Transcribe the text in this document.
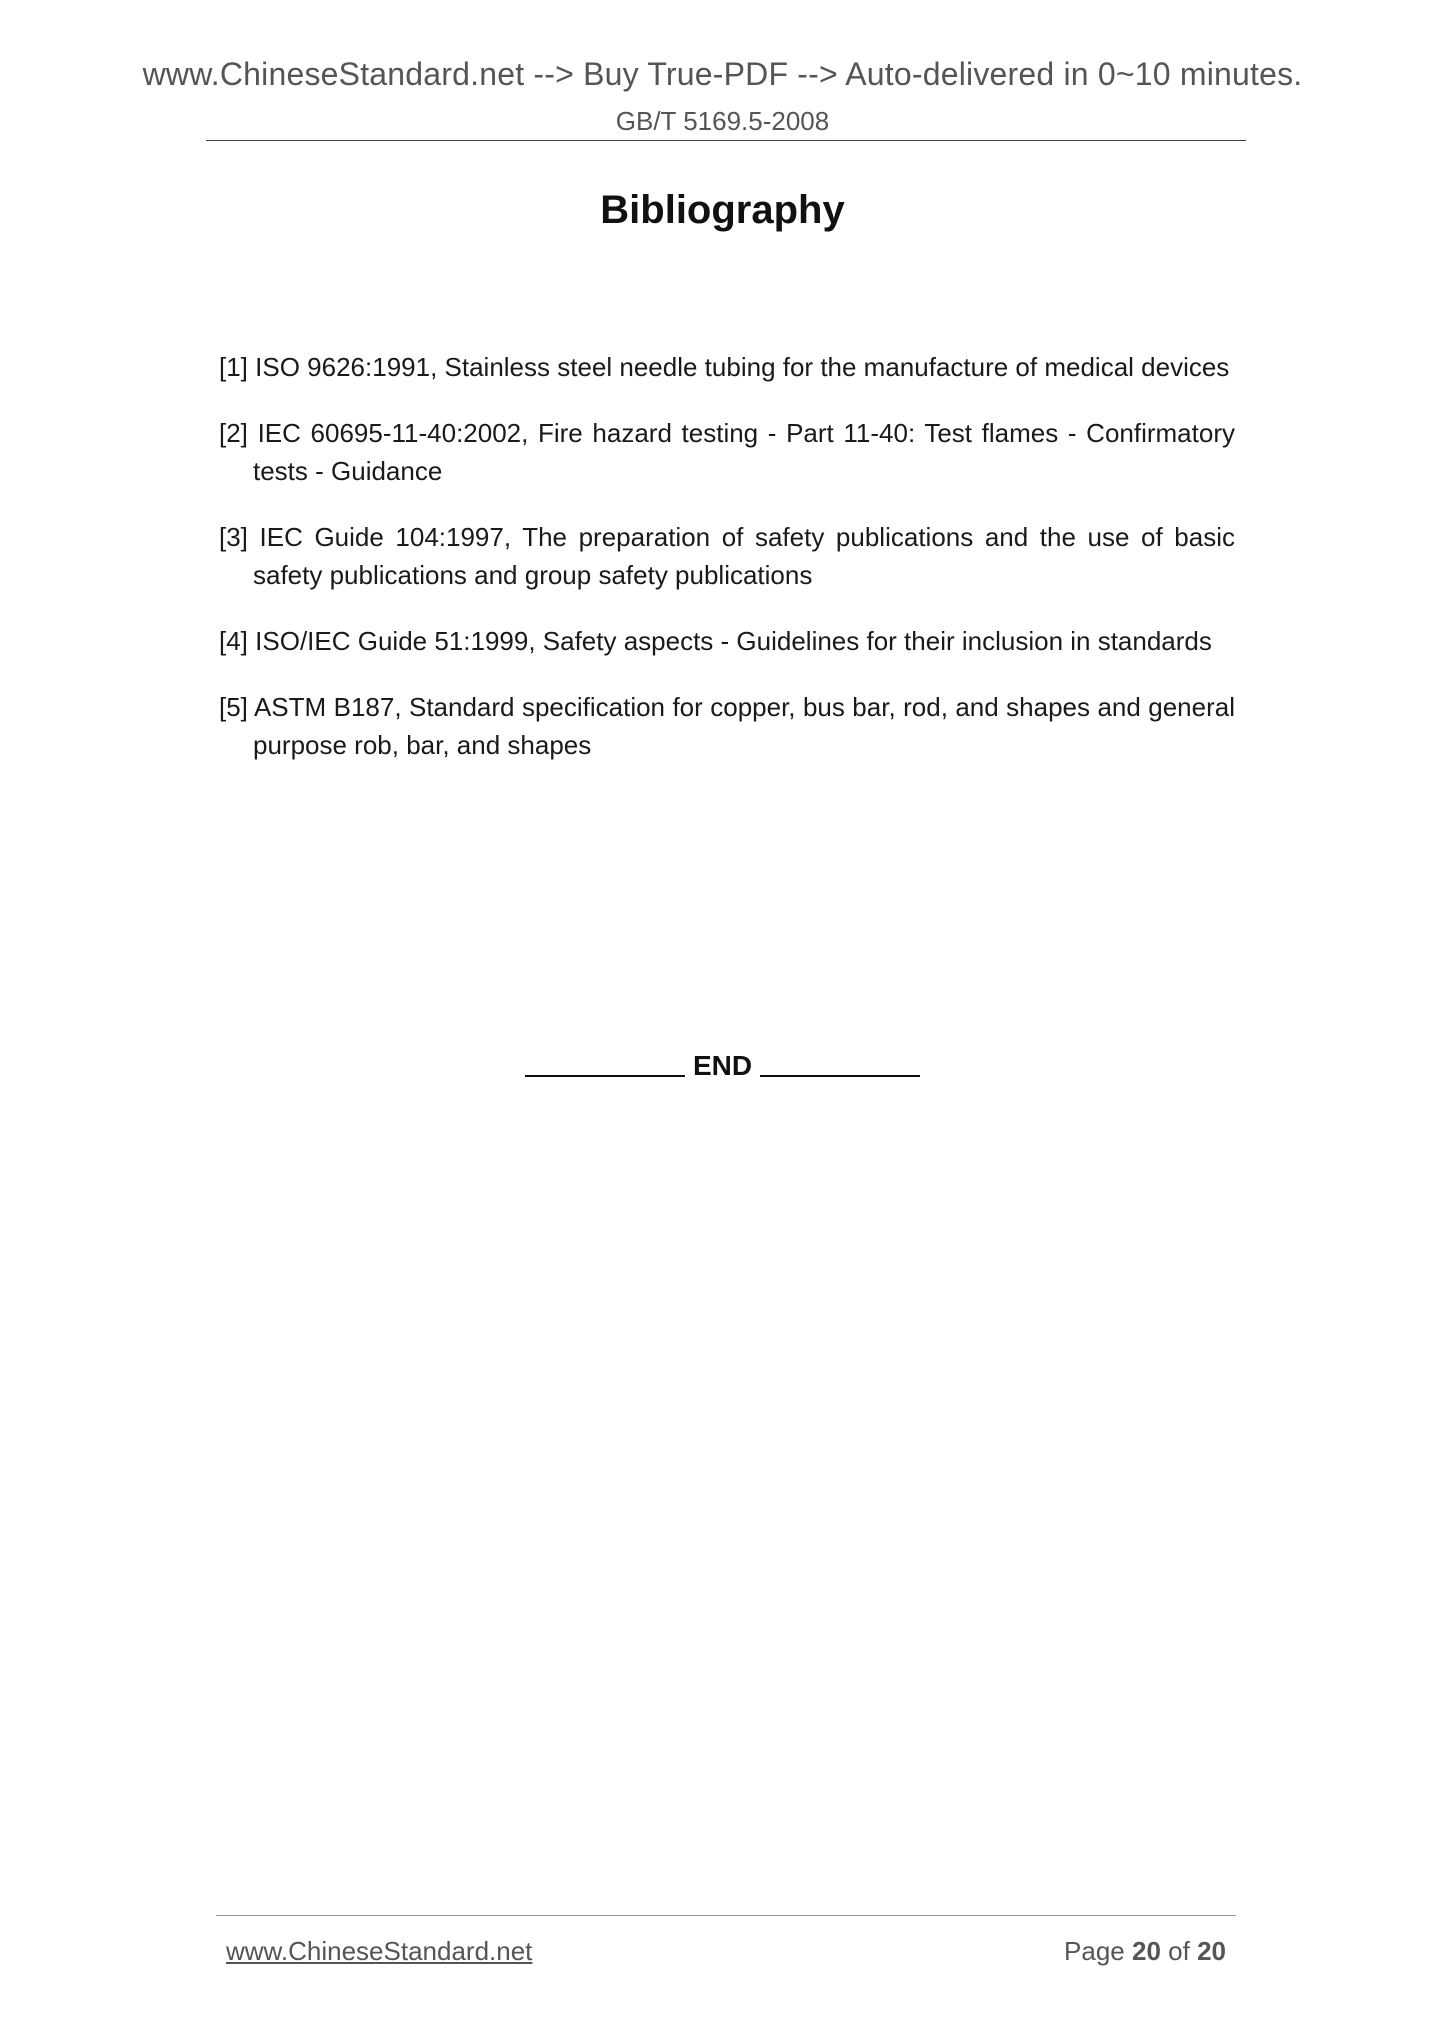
www.ChineseStandard.net --> Buy True-PDF --> Auto-delivered in 0~10 minutes.
GB/T 5169.5-2008
Bibliography
[1] ISO 9626:1991, Stainless steel needle tubing for the manufacture of medical devices
[2] IEC 60695-11-40:2002, Fire hazard testing - Part 11-40: Test flames - Confirmatory tests - Guidance
[3] IEC Guide 104:1997, The preparation of safety publications and the use of basic safety publications and group safety publications
[4] ISO/IEC Guide 51:1999, Safety aspects - Guidelines for their inclusion in standards
[5] ASTM B187, Standard specification for copper, bus bar, rod, and shapes and general purpose rob, bar, and shapes
END
www.ChineseStandard.net	Page 20 of 20
